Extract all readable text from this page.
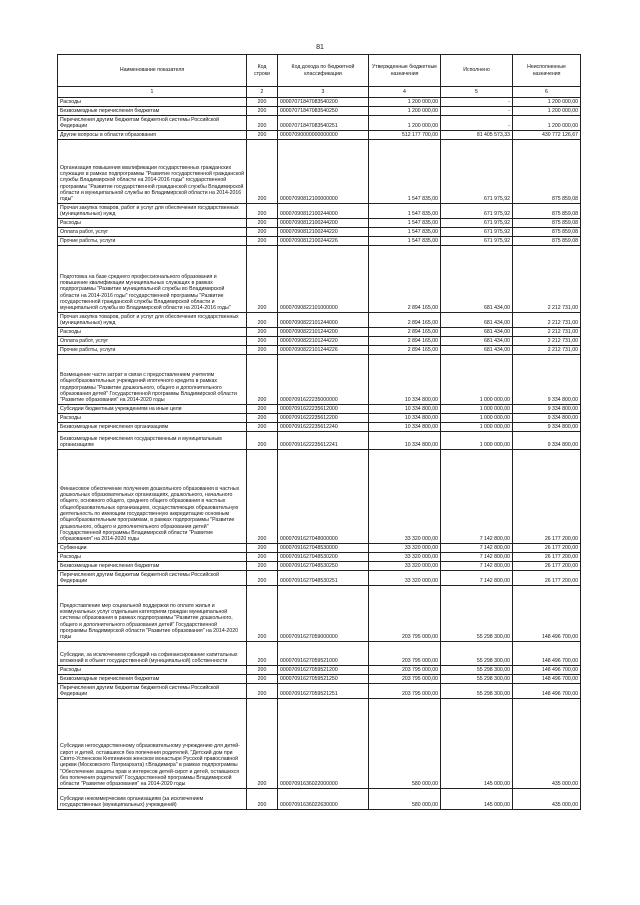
81
Наименование показателя	Код строки	Код дохода по бюджетной классификации	Утвержденные бюджетные назначения	Исполнено	Неисполненные назначения
1	2	3	4	5	6
Расходы	200	00007071847083540200	1 200 000,00	-	1 200 000,00
Безвозмездные перечисления бюджетам	200	00007071847083540250	1 200 000,00	-	1 200 000,00
Перечисления другим бюджетам бюджетной системы Российской Федерации	200	00007071847083540251	1 200 000,00	-	1 200 000,00
Другие вопросы в области образования	200	00007090000000000000	512 177 700,00	81 405 573,33	430 772 126,67
Организация повышения квалификации государственных гражданских служащих в рамках подпрограммы "Развитие государственной гражданской службы Владимирской области на 2014-2016 годы" государственной программы "Развитие государственной гражданской службы Владимирской области и муниципальной службы во Владимирской области на 2014-2016 годы"	200	00007090812100000000	1 547 835,00	671 975,92	875 859,08
Прочая закупка товаров, работ и услуг для обеспечения государственных (муниципальных) нужд	200	00007090812100244000	1 547 835,00	671 975,92	875 859,08
Расходы	200	00007090812100244200	1 547 835,00	671 975,92	875 859,08
Оплата работ, услуг	200	00007090812100244220	1 547 835,00	671 975,92	875 859,08
Прочие работы, услуги	200	00007090812100244226	1 547 835,00	671 975,92	875 859,08
Подготовка на базе среднего профессионального образования и повышение квалификации муниципальных служащих в рамках подпрограммы "Развитие муниципальной службы во Владимирской области на 2014-2016 годы" государственной программы "Развитие государственной гражданской службы Владимирской области и муниципальной службы во Владимирской области на 2014-2016 годы"	200	00007090822101000000	2 894 165,00	681 434,00	2 212 731,00
Прочая закупка товаров, работ и услуг для обеспечения государственных (муниципальных) нужд	200	00007090822101244000	2 894 165,00	681 434,00	2 212 731,00
Расходы	200	00007090822101244200	2 894 165,00	681 434,00	2 212 731,00
Оплата работ, услуг	200	00007090822101244220	2 894 165,00	681 434,00	2 212 731,00
Прочие работы, услуги	200	00007090822101244226	2 894 165,00	681 434,00	2 212 731,00
Возмещение части затрат в связи с предоставлением учителям общеобразовательных учреждений ипотечного кредита в рамках подпрограммы "Развитие дошкольного, общего и дополнительного образования детей" Государственной программы Владимирской области "Развитие образования" на 2014-2020 годы	200	00007091622235000000	10 334 800,00	1 000 000,00	9 334 800,00
Субсидии бюджетным учреждениям на иные цели	200	00007091622235612000	10 334 800,00	1 000 000,00	9 334 800,00
Расходы	200	00007091622235612200	10 334 800,00	1 000 000,00	9 334 800,00
Безвозмездные перечисления организациям	200	00007091622235612240	10 334 800,00	1 000 000,00	9 334 800,00
Безвозмездные перечисления государственным и муниципальным организациям	200	00007091622235612241	10 334 800,00	1 000 000,00	9 334 800,00
Финансовое обеспечение получения дошкольного образования в частных дошкольных образовательных организациях, дошкольного, начального общего, основного общего, среднего общего образования в частных общеобразовательных организациях, осуществляющих образовательную деятельность по имеющим государственную аккредитацию основным общеобразовательным программам, в рамках подпрограммы "Развитие дошкольного, общего и дополнительного образования детей" Государственной программы Владимирской области "Развитие образования" на 2014-2020 годы	200	00007091627048000000	33 320 000,00	7 142 800,00	26 177 200,00
Субвенции	200	00007091627048530000	33 320 000,00	7 142 800,00	26 177 200,00
Расходы	200	00007091627048530200	33 320 000,00	7 142 800,00	26 177 200,00
Безвозмездные перечисления бюджетам	200	00007091627048530250	33 320 000,00	7 142 800,00	26 177 200,00
Перечисления другим бюджетам бюджетной системы Российской Федерации	200	00007091627048530251	33 320 000,00	7 142 800,00	26 177 200,00
Предоставление мер социальной поддержки по оплате жилья и коммунальных услуг отдельным категориям граждан муниципальной системы образования в рамках подпрограммы "Развитие дошкольного, общего и дополнительного образования детей" Государственной программы Владимирской области "Развитие образования" на 2014-2020 годы	200	00007091627059000000	203 795 000,00	55 298 300,00	148 496 700,00
Субсидии, за исключением субсидий на софинансирование капитальных вложений в объект государственной (муниципальной) собственности	200	00007091627059521000	203 795 000,00	55 298 300,00	148 496 700,00
Расходы	200	00007091627059521200	203 795 000,00	55 298 300,00	148 496 700,00
Безвозмездные перечисления бюджетам	200	00007091627059521250	203 795 000,00	55 298 300,00	148 496 700,00
Перечисления другим бюджетам бюджетной системы Российской Федерации	200	00007091627059521251	203 795 000,00	55 298 300,00	148 496 700,00
Субсидии негосударственному образовательному учреждению для детей-сирот и детей, оставшихся без попечения родителей, "Детский дом при Свято-Успенском Княгинином женском монастыре Русской православной церкви (Московского Патриархата) г.Владимира" в рамках подпрограммы "Обеспечение защиты прав и интересов детей-сирот и детей, оставшихся без попечения родителей" Государственной программы Владимирской области "Развитие образования" на 2014-2020 годы	200	00007091636022000000	580 000,00	145 000,00	435 000,00
Субсидии некоммерческим организациям (за исключением государственных (муниципальных) учреждений)	200	00007091636022630000	580 000,00	145 000,00	435 000,00
